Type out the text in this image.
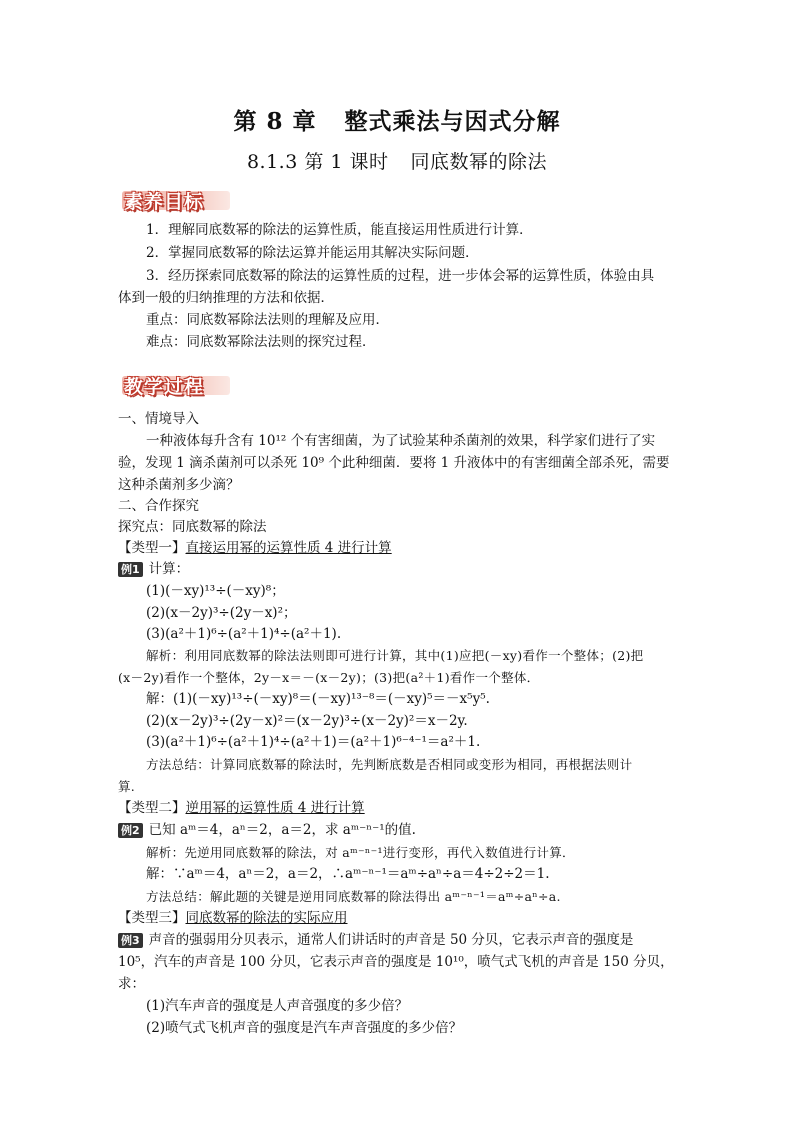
第 8 章 整式乘法与因式分解
8.1.3 第 1 课时 同底数幂的除法
素养目标
1．理解同底数幂的除法的运算性质，能直接运用性质进行计算．
2．掌握同底数幂的除法运算并能运用其解决实际问题．
3．经历探索同底数幂的除法的运算性质的过程，进一步体会幂的运算性质，体验由具
体到一般的归纳推理的方法和依据．
重点：同底数幂除法法则的理解及应用．
难点：同底数幂除法法则的探究过程．
教学过程
一、情境导入
一种液体每升含有 10¹² 个有害细菌，为了试验某种杀菌剂的效果，科学家们进行了实
验，发现 1 滴杀菌剂可以杀死 10⁹ 个此种细菌．要将 1 升液体中的有害细菌全部杀死，需要
这种杀菌剂多少滴？
二、合作探究
探究点：同底数幂的除法
【类型一】直接运用幂的运算性质 4 进行计算
例1 计算：
(1)(－xy)¹³÷(－xy)⁸；
(2)(x－2y)³÷(2y－x)²；
(3)(a²＋1)⁶÷(a²＋1)⁴÷(a²＋1).
解析：利用同底数幂的除法法则即可进行计算，其中(1)应把(－xy)看作一个整体；(2)把
(x－2y)看作一个整体，2y－x＝－(x－2y)；(3)把(a²＋1)看作一个整体．
解：(1)(－xy)¹³÷(－xy)⁸＝(－xy)¹³⁻⁸＝(－xy)⁵＝－x⁵y⁵.
(2)(x－2y)³÷(2y－x)²＝(x－2y)³÷(x－2y)²＝x－2y.
(3)(a²＋1)⁶÷(a²＋1)⁴÷(a²＋1)＝(a²＋1)⁶⁻⁴⁻¹＝a²＋1.
方法总结：计算同底数幂的除法时，先判断底数是否相同或变形为相同，再根据法则计
算.
【类型二】逆用幂的运算性质 4 进行计算
例2 已知 aᵐ＝4，aⁿ＝2，a＝2，求 aᵐ⁻ⁿ⁻¹的值.
解析：先逆用同底数幂的除法，对 aᵐ⁻ⁿ⁻¹进行变形，再代入数值进行计算．
解：∵aᵐ＝4，aⁿ＝2，a＝2，∴aᵐ⁻ⁿ⁻¹＝aᵐ÷aⁿ÷a＝4÷2÷2＝1.
方法总结：解此题的关键是逆用同底数幂的除法得出 aᵐ⁻ⁿ⁻¹＝aᵐ÷aⁿ÷a.
【类型三】同底数幂的除法的实际应用
例3 声音的强弱用分贝表示，通常人们讲话时的声音是 50 分贝，它表示声音的强度是
10⁵，汽车的声音是 100 分贝，它表示声音的强度是 10¹⁰，喷气式飞机的声音是 150 分贝，
求：
(1)汽车声音的强度是人声音强度的多少倍？
(2)喷气式飞机声音的强度是汽车声音强度的多少倍？
